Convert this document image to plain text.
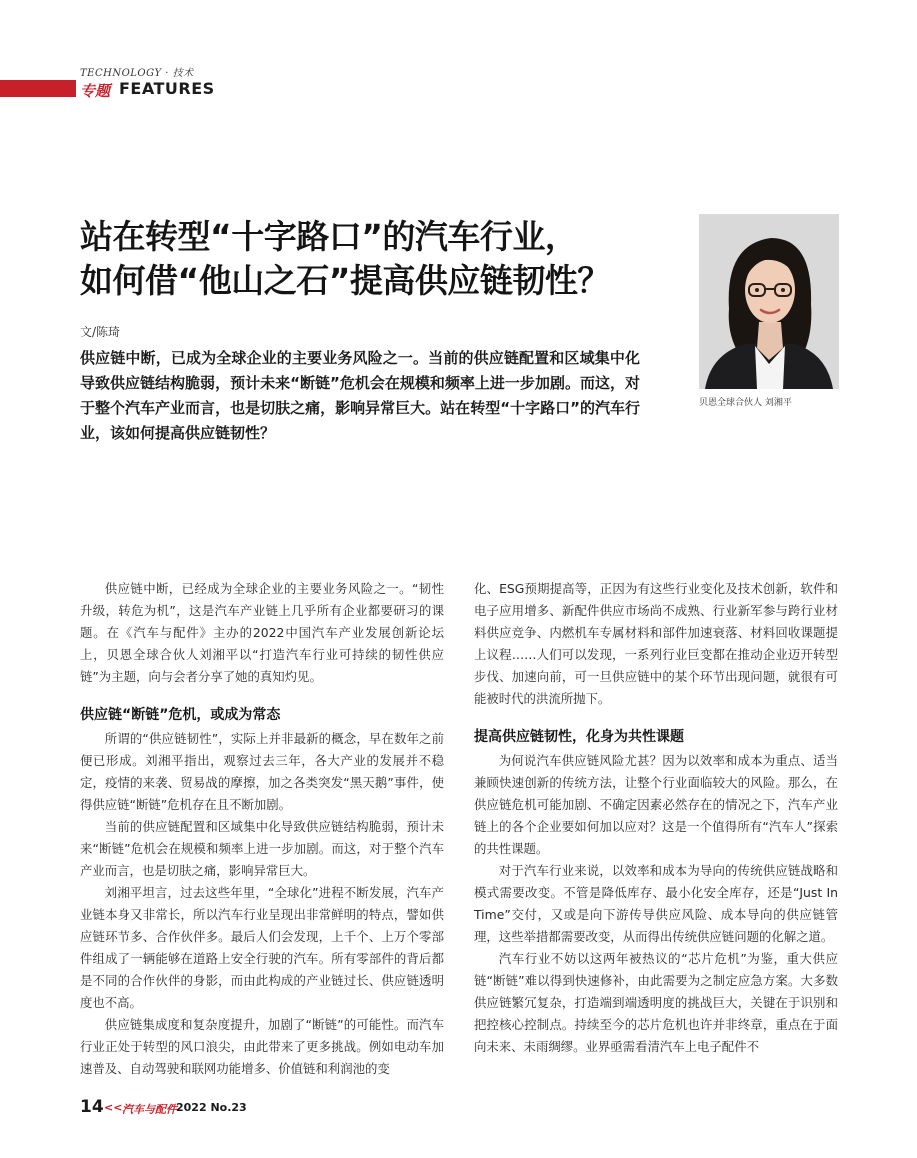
TECHNOLOGY · 技术
专题 FEATURES
站在转型“十字路口”的汽车行业，
如何借“他山之石”提高供应链韧性？
贝恩全球合伙人 刘湘平
文/陈琦
供应链中断，已成为全球企业的主要业务风险之一。当前的供应链配置和区域集中化导致供应链结构脆弱，预计未来“断链”危机会在规模和频率上进一步加剧。而这，对于整个汽车产业而言，也是切肤之痛，影响异常巨大。站在转型“十字路口”的汽车行业，该如何提高供应链韧性？

供应链中断，已经成为全球企业的主要业务风险之一。“韧性升级，转危为机”，这是汽车产业链上几乎所有企业都要研习的课题。在《汽车与配件》主办的2022中国汽车产业发展创新论坛上，贝恩全球合伙人刘湘平以“打造汽车行业可持续的韧性供应链”为主题，向与会者分享了她的真知灼见。

供应链“断链”危机，或成为常态

所谓的“供应链韧性”，实际上并非最新的概念，早在数年之前便已形成。刘湘平指出，观察过去三年，各大产业的发展并不稳定，疫情的来袭、贸易战的摩擦，加之各类突发“黑天鹅”事件，使得供应链“断链”危机存在且不断加剧。

当前的供应链配置和区域集中化导致供应链结构脆弱，预计未来“断链”危机会在规模和频率上进一步加剧。而这，对于整个汽车产业而言，也是切肤之痛，影响异常巨大。

刘湘平坦言，过去这些年里，“全球化”进程不断发展，汽车产业链本身又非常长，所以汽车行业呈现出非常鲜明的特点，譬如供应链环节多、合作伙伴多。最后人们会发现，上千个、上万个零部件组成了一辆能够在道路上安全行驶的汽车。所有零部件的背后都是不同的合作伙伴的身影，而由此构成的产业链过长、供应链透明度也不高。

供应链集成度和复杂度提升，加剧了“断链”的可能性。而汽车行业正处于转型的风口浪尖，由此带来了更多挑战。例如电动车加速普及、自动驾驶和联网功能增多、价值链和利润池的变

化、ESG预期提高等，正因为有这些行业变化及技术创新，软件和电子应用增多、新配件供应市场尚不成熟、行业新军参与跨行业材料供应竞争、内燃机车专属材料和部件加速衰落、材料回收课题提上议程……人们可以发现，一系列行业巨变都在推动企业迈开转型步伐、加速向前，可一旦供应链中的某个环节出现问题，就很有可能被时代的洪流所抛下。

提高供应链韧性，化身为共性课题

为何说汽车供应链风险尤甚？因为以效率和成本为重点、适当兼顾快速创新的传统方法，让整个行业面临较大的风险。那么，在供应链危机可能加剧、不确定因素必然存在的情况之下，汽车产业链上的各个企业要如何加以应对？这是一个值得所有“汽车人”探索的共性课题。

对于汽车行业来说，以效率和成本为导向的传统供应链战略和模式需要改变。不管是降低库存、最小化安全库存，还是“Just In Time”交付，又或是向下游传导供应风险、成本导向的供应链管理，这些举措都需要改变，从而得出传统供应链问题的化解之道。

汽车行业不妨以这两年被热议的“芯片危机”为鉴，重大供应链“断链”难以得到快速修补，由此需要为之制定应急方案。大多数供应链繁冗复杂，打造端到端透明度的挑战巨大，关键在于识别和把控核心控制点。持续至今的芯片危机也许并非终章，重点在于面向未来、未雨绸缪。业界亟需看清汽车上电子配件不

14 << 汽车与配件 2022 No.23
